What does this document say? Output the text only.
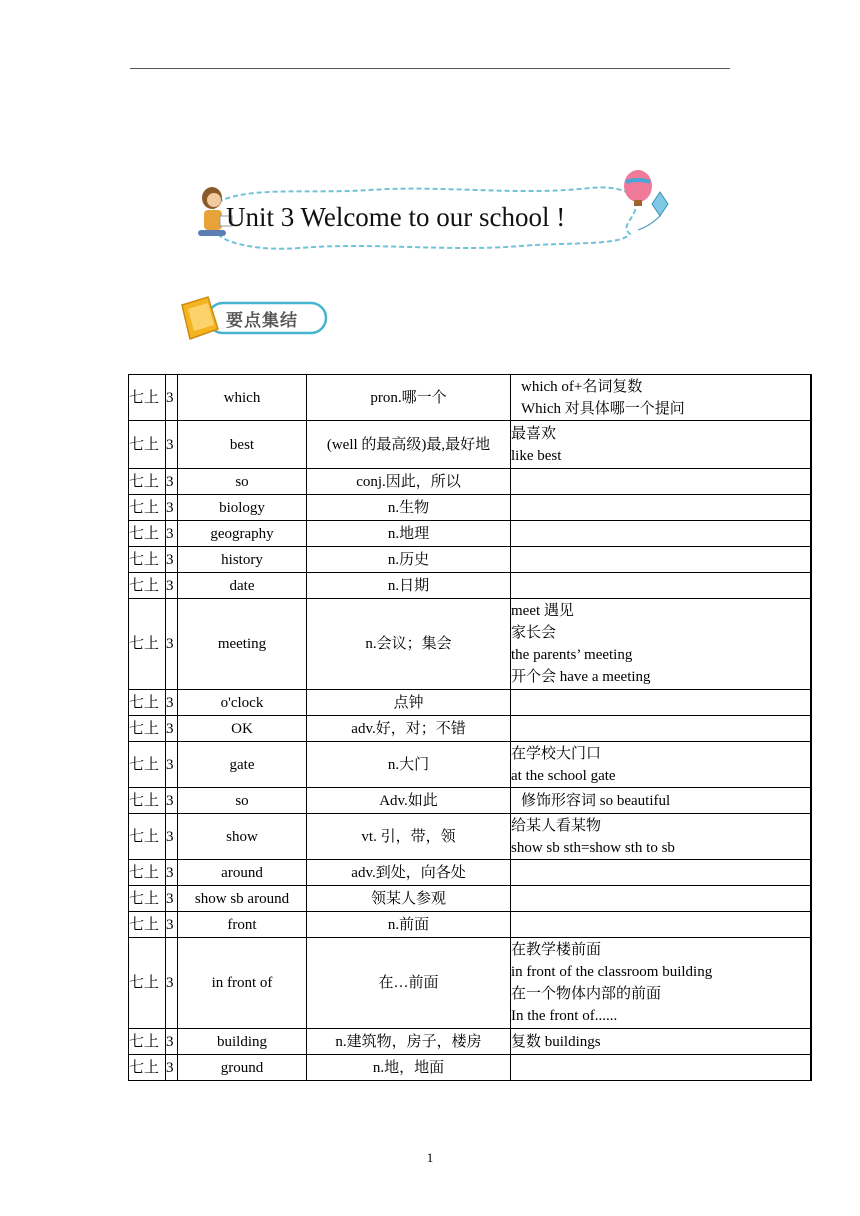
Unit 3 Welcome to our school !
要点集结
七上	3	which	pron.哪一个	which of+名词复数
Which 对具体哪一个提问

七上	3	best	(well 的最高级)最,最好地	最喜欢
like best

七上	3	so	conj.因此，所以	
七上	3	biology	n.生物	
七上	3	geography	n.地理	
七上	3	history	n.历史	
七上	3	date	n.日期	
七上	3	meeting	n.会议；集会	meet 遇见
家长会
the parents’ meeting
开个会 have a meeting

七上	3	o'clock	点钟	
七上	3	OK	adv.好，对；不错	
七上	3	gate	n.大门	在学校大门口
at the school gate

七上	3	so	Adv.如此	修饰形容词 so beautiful

七上	3	show	vt. 引，带，领	给某人看某物
show sb sth=show sth to sb

七上	3	around	adv.到处，向各处	
七上	3	show sb around	领某人参观	
七上	3	front	n.前面	
七上	3	in front of	在…前面	在教学楼前面
in front of the classroom building
在一个物体内部的前面
In the front of......

七上	3	building	n.建筑物，房子，楼房	复数 buildings

七上	3	ground	n.地，地面	
1
